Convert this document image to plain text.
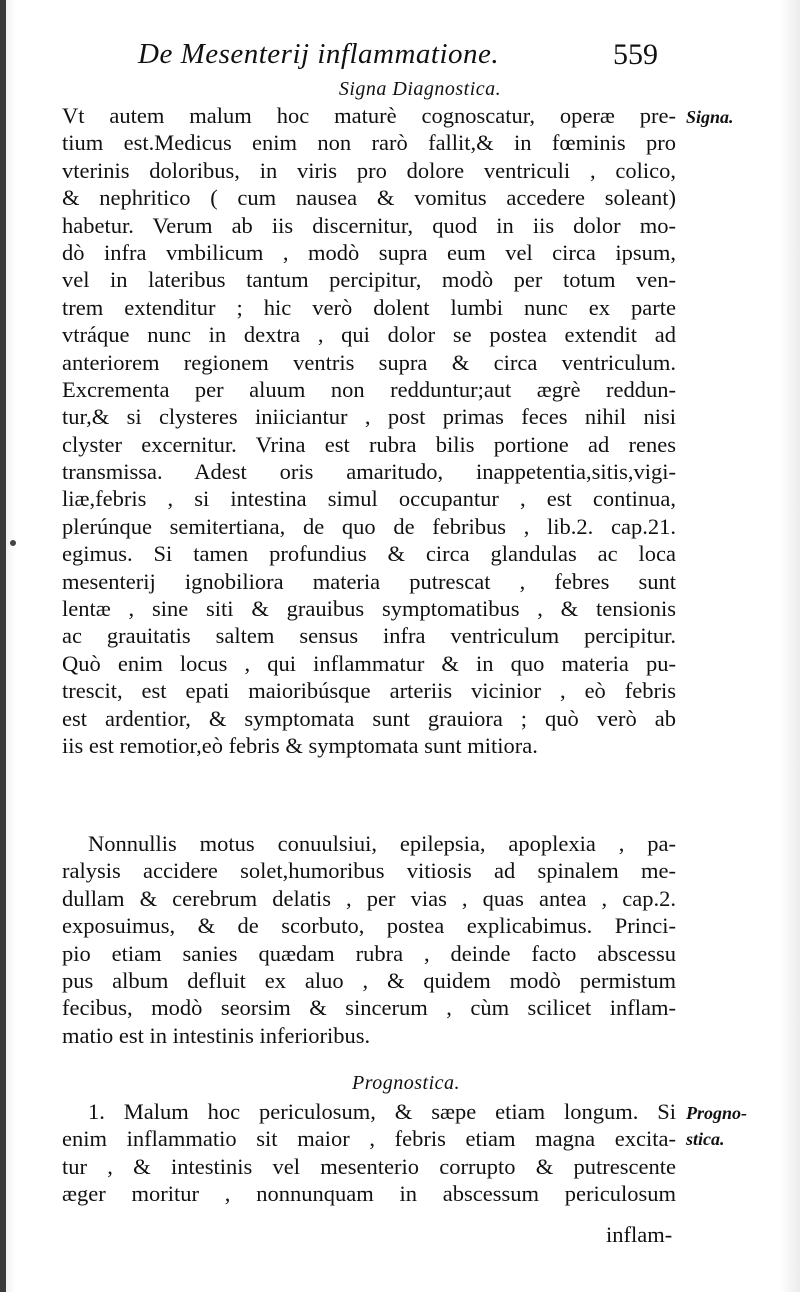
De Mesenterij inflammatione.	559
Signa Diagnostica.
Signa.
Vt autem malum hoc maturè cognoscatur, operæ pre-
tium est.Medicus enim non rarò fallit,& in fœminis pro
vterinis doloribus, in viris pro dolore ventriculi , colico,
& nephritico ( cum nausea & vomitus accedere soleant)
habetur. Verum ab iis discernitur, quod in iis dolor mo-
dò infra vmbilicum , modò supra eum vel circa ipsum,
vel in lateribus tantum percipitur, modò per totum ven-
trem extenditur ; hic verò dolent lumbi nunc ex parte
vtráque nunc in dextra , qui dolor se postea extendit ad
anteriorem regionem ventris supra & circa ventriculum.
Excrementa per aluum non redduntur;aut ægrè reddun-
tur,& si clysteres iniiciantur , post primas feces nihil nisi
clyster excernitur. Vrina est rubra bilis portione ad renes
transmissa. Adest oris amaritudo, inappetentia,sitis,vigi-
liæ,febris , si intestina simul occupantur , est continua,
plerúnque semitertiana, de quo de febribus , lib.2. cap.21.
egimus. Si tamen profundius & circa glandulas ac loca
mesenterij ignobiliora materia putrescat , febres sunt
lentæ , sine siti & grauibus symptomatibus , & tensionis
ac grauitatis saltem sensus infra ventriculum percipitur.
Quò enim locus , qui inflammatur & in quo materia pu-
trescit, est epati maioribúsque arteriis vicinior , eò febris
est ardentior, & symptomata sunt grauiora ; quò verò ab
iis est remotior,eò febris & symptomata sunt mitiora.
Nonnullis motus conuulsiui, epilepsia, apoplexia , pa-
ralysis accidere solet,humoribus vitiosis ad spinalem me-
dullam & cerebrum delatis , per vias , quas antea , cap.2.
exposuimus, & de scorbuto, postea explicabimus. Princi-
pio etiam sanies quædam rubra , deinde facto abscessu
pus album defluit ex aluo , & quidem modò permistum
fecibus, modò seorsim & sincerum , cùm scilicet inflam-
matio est in intestinis inferioribus.
Prognostica.
Progno-
stica.
1. Malum hoc periculosum, & sæpe etiam longum. Si
enim inflammatio sit maior , febris etiam magna excita-
tur , & intestinis vel mesenterio corrupto & putrescente
æger moritur , nonnunquam in abscessum periculosum
inflam-
